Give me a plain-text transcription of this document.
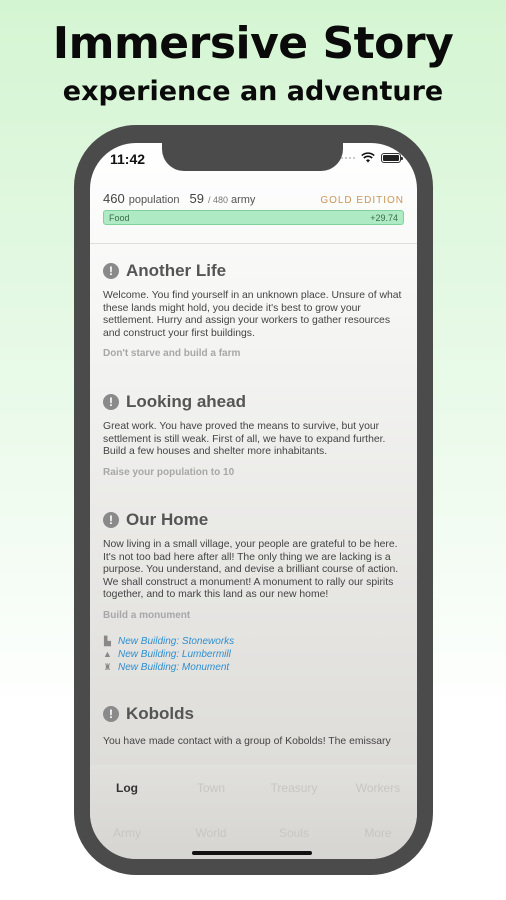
Immersive Story
experience an adventure
11:42
460 population 59 / 480 army	GOLD EDITION
Food	+29.74
! Another Life
Welcome. You find yourself in an unknown place. Unsure of what these lands might hold, you decide it's best to grow your settlement. Hurry and assign your workers to gather resources and construct your first buildings.
Don't starve and build a farm
! Looking ahead
Great work. You have proved the means to survive, but your settlement is still weak. First of all, we have to expand further. Build a few houses and shelter more inhabitants.
Raise your population to 10
! Our Home
Now living in a small village, your people are grateful to be here. It's not too bad here after all! The only thing we are lacking is a purpose. You understand, and devise a brilliant course of action. We shall construct a monument! A monument to rally our spirits together, and to mark this land as our new home!
Build a monument
▙ New Building: Stoneworks
▲ New Building: Lumbermill
♜ New Building: Monument
! Kobolds
You have made contact with a group of Kobolds! The emissary
Log	Town	Treasury	Workers
Army	World	Souls	More
